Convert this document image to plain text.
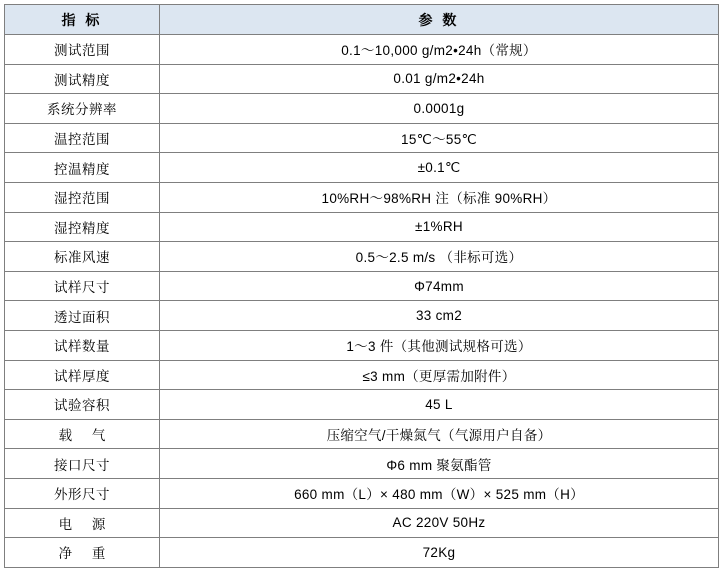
指 标	参 数
测试范围	0.1～10,000 g/m2•24h（常规）
测试精度	0.01 g/m2•24h
系统分辨率	0.0001g
温控范围	15℃～55℃
控温精度	±0.1℃
湿控范围	10%RH～98%RH 注（标准 90%RH）
湿控精度	±1%RH
标准风速	0.5～2.5 m/s （非标可选）
试样尺寸	Φ74mm
透过面积	33 cm2
试样数量	1～3 件（其他测试规格可选）
试样厚度	≤3 mm（更厚需加附件）
试验容积	45 L
载 气	压缩空气/干燥氮气（气源用户自备）
接口尺寸	Φ6 mm 聚氨酯管
外形尺寸	660 mm（L）× 480 mm（W）× 525 mm（H）
电 源	AC 220V 50Hz
净 重	72Kg
